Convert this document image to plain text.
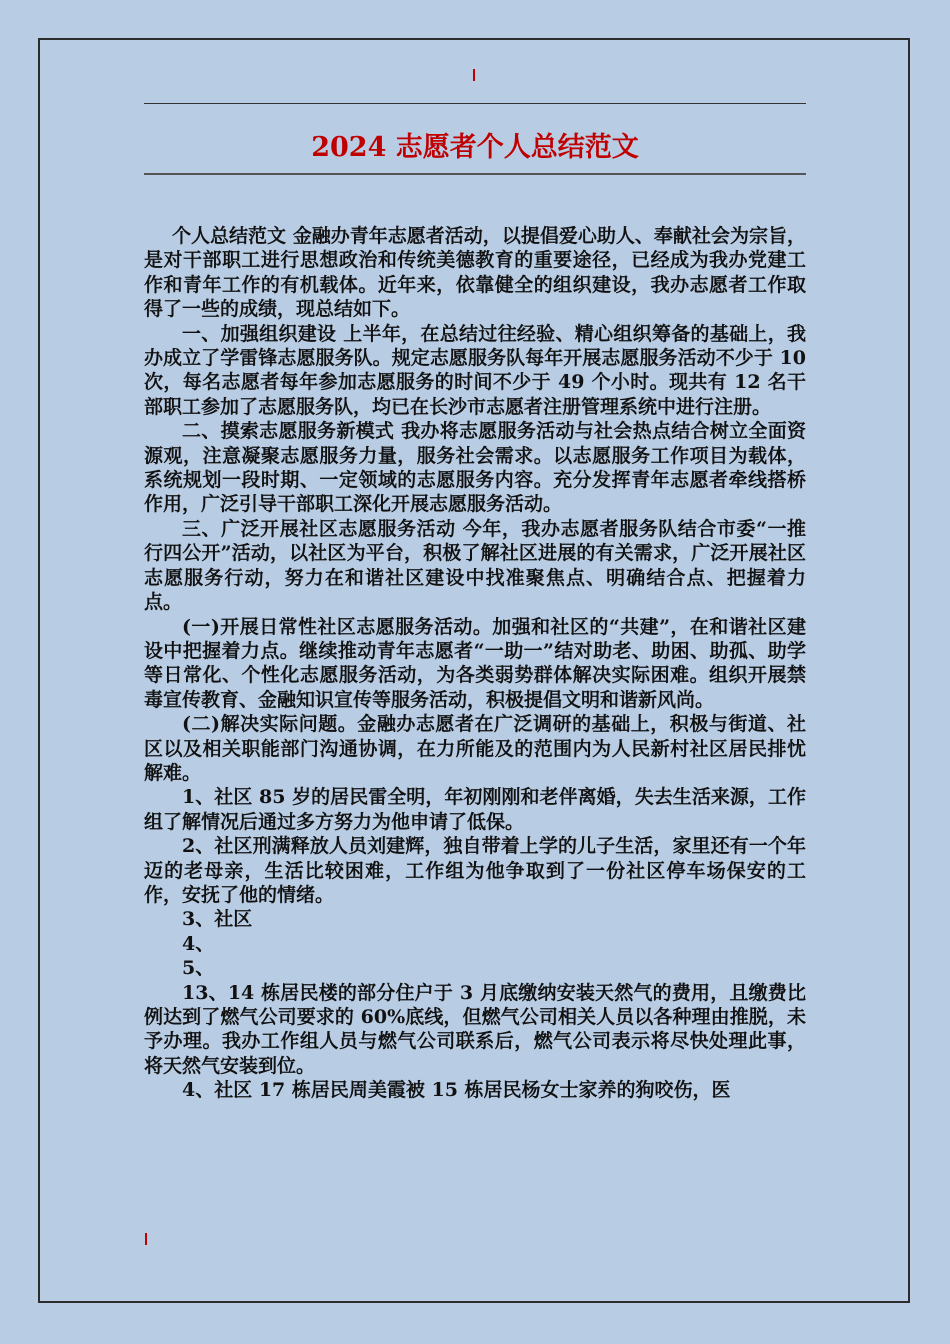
2024 志愿者个人总结范文

个人总结范文 金融办青年志愿者活动，以提倡爱心助人、奉献社会为宗旨，是对干部职工进行思想政治和传统美德教育的重要途径，已经成为我办党建工作和青年工作的有机载体。近年来，依靠健全的组织建设，我办志愿者工作取得了一些的成绩，现总结如下。

一、加强组织建设 上半年，在总结过往经验、精心组织筹备的基础上，我办成立了学雷锋志愿服务队。规定志愿服务队每年开展志愿服务活动不少于 10 次，每名志愿者每年参加志愿服务的时间不少于 49 个小时。现共有 12 名干部职工参加了志愿服务队，均已在长沙市志愿者注册管理系统中进行注册。

二、摸索志愿服务新模式 我办将志愿服务活动与社会热点结合树立全面资源观，注意凝聚志愿服务力量，服务社会需求。以志愿服务工作项目为载体，系统规划一段时期、一定领域的志愿服务内容。充分发挥青年志愿者牵线搭桥作用，广泛引导干部职工深化开展志愿服务活动。

三、广泛开展社区志愿服务活动 今年，我办志愿者服务队结合市委“一推行四公开”活动，以社区为平台，积极了解社区进展的有关需求，广泛开展社区志愿服务行动，努力在和谐社区建设中找准聚焦点、明确结合点、把握着力点。

(一)开展日常性社区志愿服务活动。加强和社区的“共建”，在和谐社区建设中把握着力点。继续推动青年志愿者“一助一”结对助老、助困、助孤、助学等日常化、个性化志愿服务活动，为各类弱势群体解决实际困难。组织开展禁毒宣传教育、金融知识宣传等服务活动，积极提倡文明和谐新风尚。

(二)解决实际问题。金融办志愿者在广泛调研的基础上，积极与街道、社区以及相关职能部门沟通协调，在力所能及的范围内为人民新村社区居民排忧解难。

1、社区 85 岁的居民雷全明，年初刚刚和老伴离婚，失去生活来源，工作组了解情况后通过多方努力为他申请了低保。

2、社区刑满释放人员刘建辉，独自带着上学的儿子生活，家里还有一个年迈的老母亲，生活比较困难，工作组为他争取到了一份社区停车场保安的工作，安抚了他的情绪。

3、社区

4、

5、

13、14 栋居民楼的部分住户于 3 月底缴纳安装天然气的费用，且缴费比例达到了燃气公司要求的 60%底线，但燃气公司相关人员以各种理由推脱，未予办理。我办工作组人员与燃气公司联系后，燃气公司表示将尽快处理此事，将天然气安装到位。

4、社区 17 栋居民周美霞被 15 栋居民杨女士家养的狗咬伤，医
